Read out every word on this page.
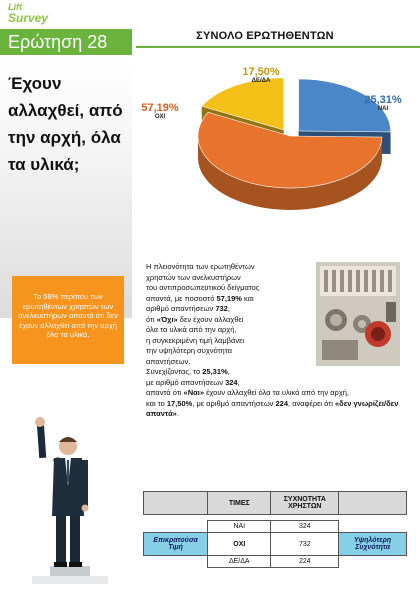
Lift
Survey
Ερώτηση 28	ΣΥΝΟΛΟ ΕΡΩΤΗΘΕΝΤΩΝ
Έχουν αλλαχθεί, από την αρχή, όλα τα υλικά;
17,50%
ΔΕ/ΔΑ
25,31%
ΝΑΙ
57,19%
ΟΧΙ
Το 58% περίπου των ερωτηθέντων χρηστών των ανελκυστήρων απαντά ότι δεν έχουν αλλαχθεί από την αρχή όλα τα υλικά.

Η πλειονότητα των ερωτηθέντων
χρηστών των ανελκυστήρων
του αντιπροσωπευτικού δείγματος
απαντά, με ποσοστό 57,19% και
αριθμό απαντήσεων 732,
ότι «Όχι» δεν έχουν αλλαχθεί
όλα τα υλικά από την αρχή,
η συγκεκριμένη τιμή λαμβάνει
την υψηλότερη συχνότητα
απαντήσεων.

Συνεχίζοντας, το 25,31%,
με αριθμό απαντήσεων 324,
απαντά ότι «Ναι» έχουν αλλαχθεί όλα τα υλικά από την αρχή,
και το 17,50%, με αριθμό απαντήσεων 224, αναφέρει ότι «δεν γνωρίζει/δεν απαντά».

	ΤΙΜΕΣ	ΣΥΧΝΟΤΗΤΑ ΧΡΗΣΤΩΝ	

	ΝΑΙ	324	
Επικρατούσα Τιμή	ΟΧΙ	732	Υψηλότερη Συχνότητα
	ΔΕ/ΔΑ	224	
